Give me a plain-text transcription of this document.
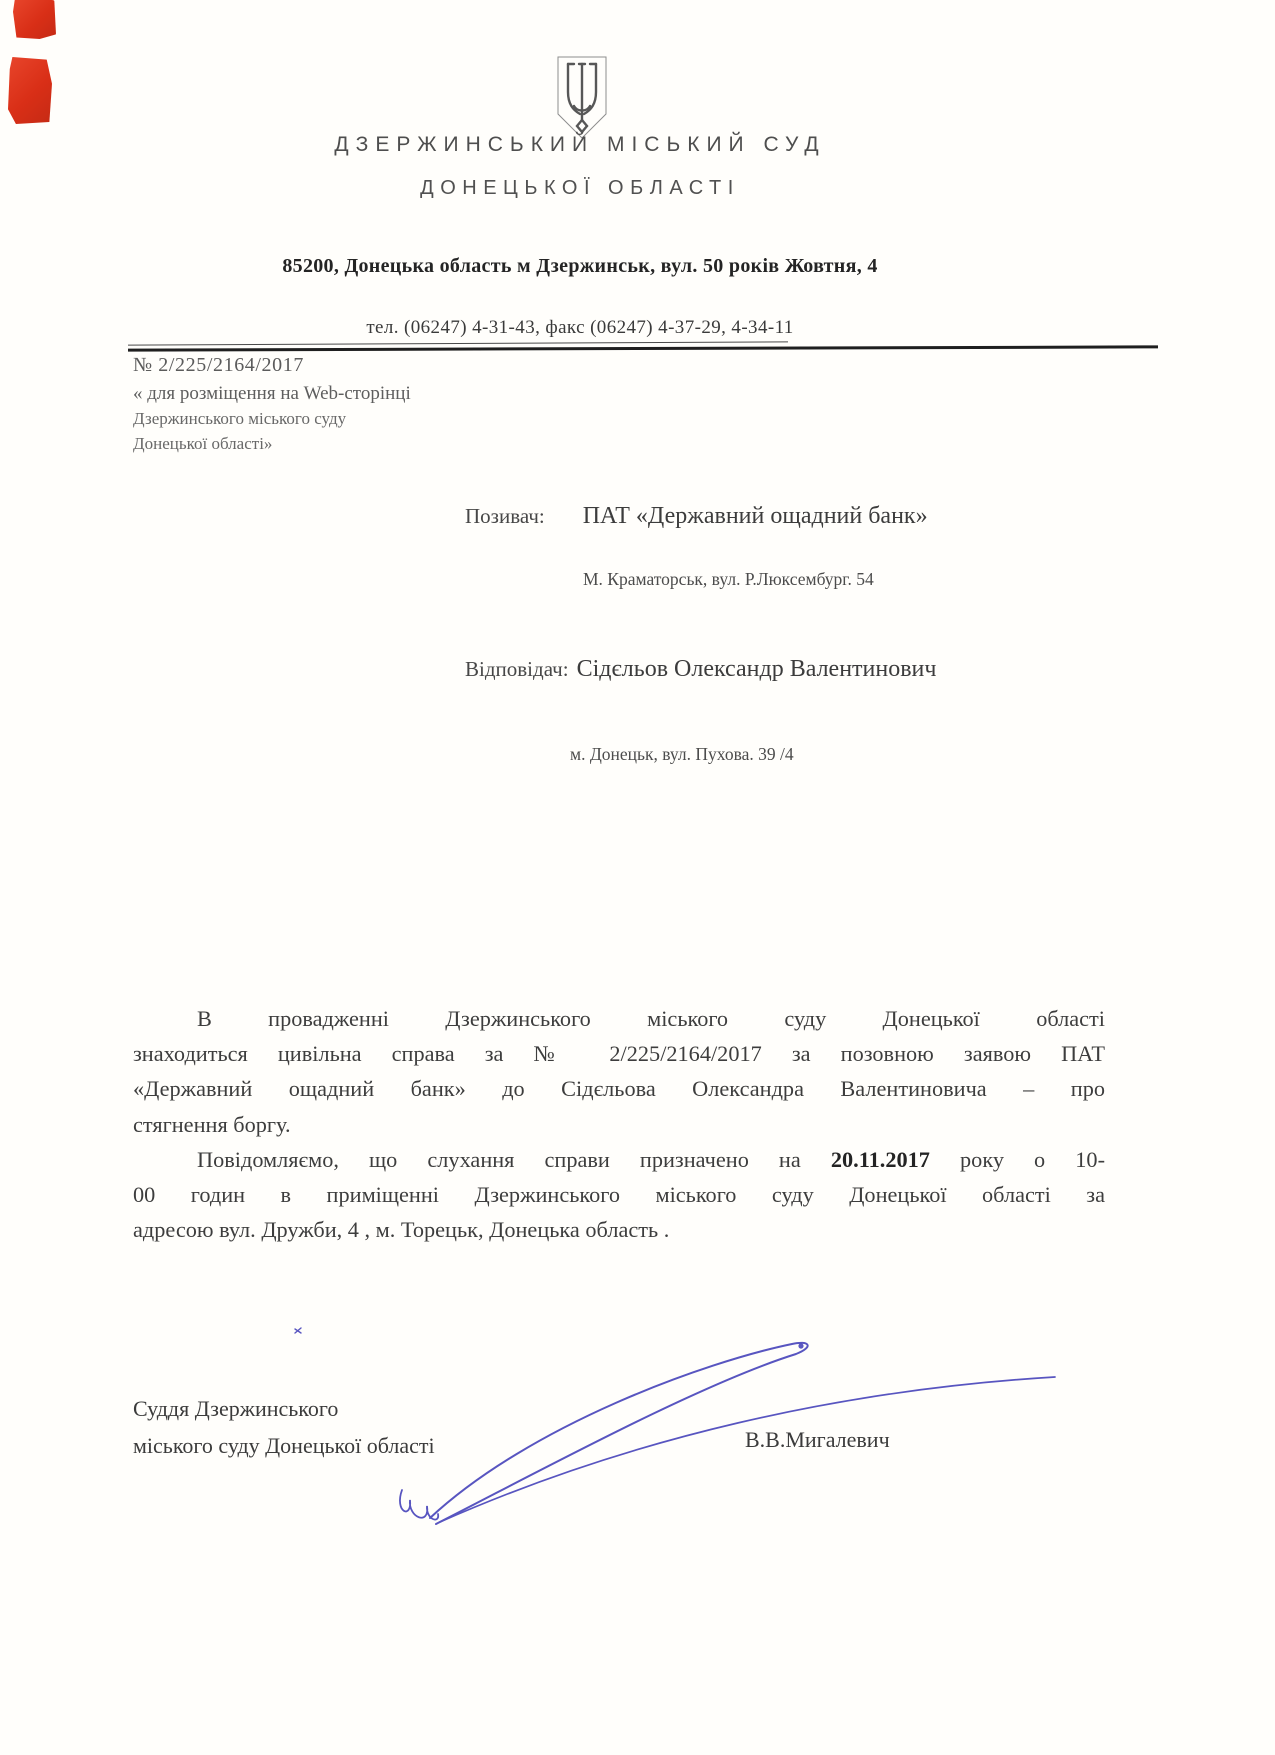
ДЗЕРЖИНСЬКИЙ МІСЬКИЙ СУД
ДОНЕЦЬКОЇ ОБЛАСТІ
85200, Донецька область м Дзержинськ, вул. 50 років Жовтня, 4
тел. (06247) 4-31-43, факс (06247) 4-37-29, 4-34-11
№ 2/225/2164/2017
« для розміщення на Web-сторінці
Дзержинського міського суду
Донецької області»
Позивач: ПАТ «Державний ощадний банк»
М. Краматорськ, вул. Р.Люксембург. 54
Відповідач: Сідєльов Олександр Валентинович
м. Донецьк, вул. Пухова. 39 /4
В провадженні Дзержинського міського суду Донецької області
знаходиться цивільна справа за № 2/225/2164/2017 за позовною заявою ПАТ
«Державний ощадний банк» до Сідєльова Олександра Валентиновича – про
стягнення боргу.
Повідомляємо, що слухання справи призначено на 20.11.2017 року о 10-
00 годин в приміщенні Дзержинського міського суду Донецької області за
адресою вул. Дружби, 4 , м. Торецьк, Донецька область .
Суддя Дзержинського
міського суду Донецької області	В.В.Мигалевич
